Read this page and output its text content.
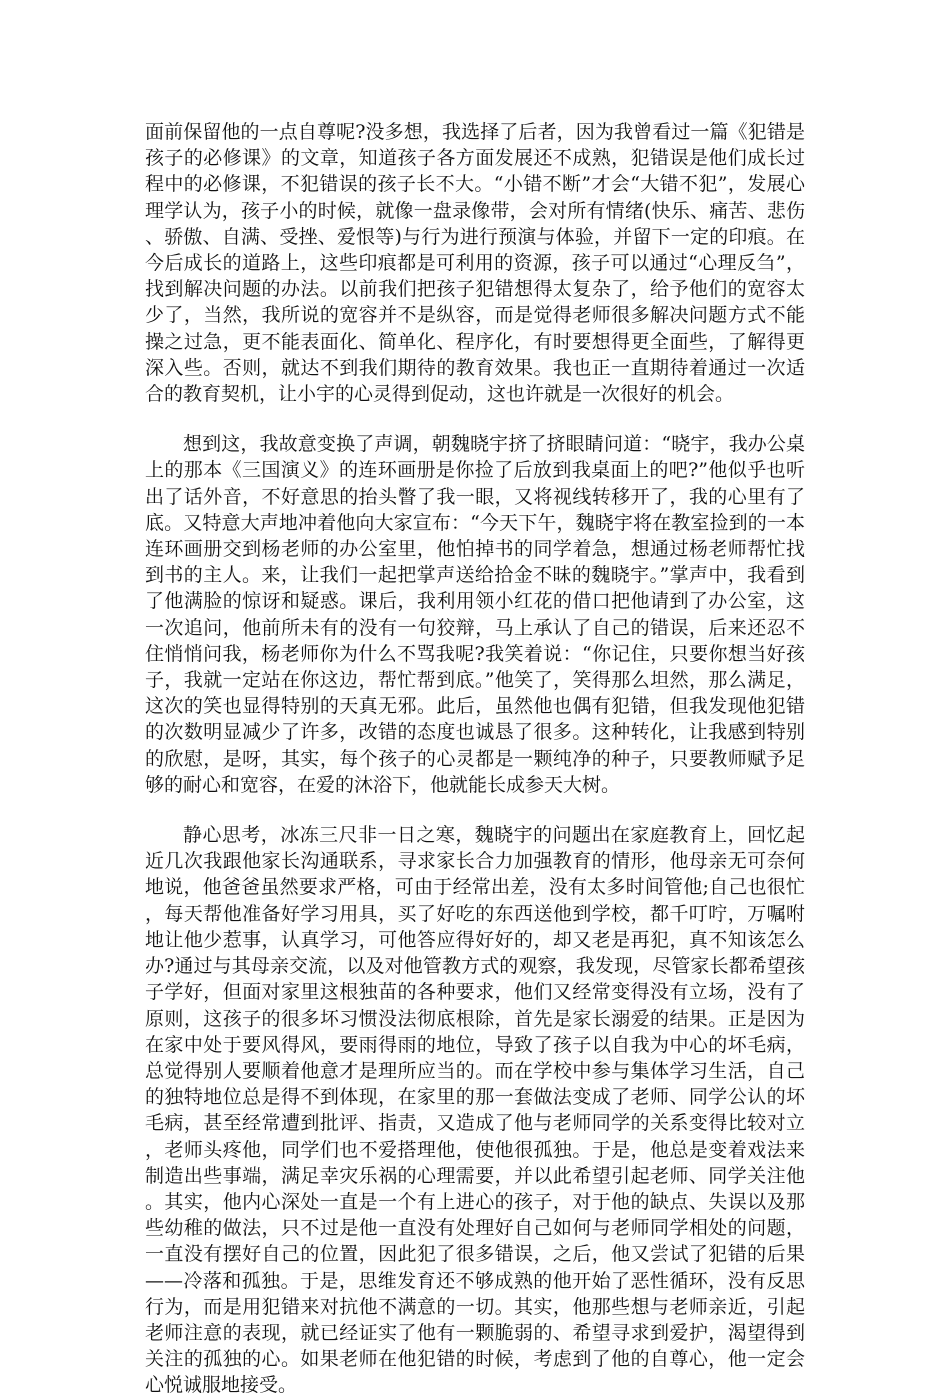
面前保留他的一点自尊呢?没多想，我选择了后者，因为我曾看过一篇《犯错是孩子的必修课》的文章，知道孩子各方面发展还不成熟，犯错误是他们成长过程中的必修课，不犯错误的孩子长不大。“小错不断”才会“大错不犯”，发展心理学认为，孩子小的时候，就像一盘录像带，会对所有情绪(快乐、痛苦、悲伤、骄傲、自满、受挫、爱恨等)与行为进行预演与体验，并留下一定的印痕。在今后成长的道路上，这些印痕都是可利用的资源，孩子可以通过“心理反刍”，找到解决问题的办法。以前我们把孩子犯错想得太复杂了，给予他们的宽容太少了，当然，我所说的宽容并不是纵容，而是觉得老师很多解决问题方式不能操之过急，更不能表面化、简单化、程序化，有时要想得更全面些，了解得更深入些。否则，就达不到我们期待的教育效果。我也正一直期待着通过一次适合的教育契机，让小宇的心灵得到促动，这也许就是一次很好的机会。

想到这，我故意变换了声调，朝魏晓宇挤了挤眼睛问道：“晓宇，我办公桌上的那本《三国演义》的连环画册是你捡了后放到我桌面上的吧?”他似乎也听出了话外音，不好意思的抬头瞥了我一眼，又将视线转移开了，我的心里有了底。又特意大声地冲着他向大家宣布：“今天下午，魏晓宇将在教室捡到的一本连环画册交到杨老师的办公室里，他怕掉书的同学着急，想通过杨老师帮忙找到书的主人。来，让我们一起把掌声送给拾金不昧的魏晓宇。”掌声中，我看到了他满脸的惊讶和疑惑。课后，我利用领小红花的借口把他请到了办公室，这一次追问，他前所未有的没有一句狡辩，马上承认了自己的错误，后来还忍不住悄悄问我，杨老师你为什么不骂我呢?我笑着说：“你记住，只要你想当好孩子，我就一定站在你这边，帮忙帮到底。”他笑了，笑得那么坦然，那么满足，这次的笑也显得特别的天真无邪。此后，虽然他也偶有犯错，但我发现他犯错的次数明显减少了许多，改错的态度也诚恳了很多。这种转化，让我感到特别的欣慰，是呀，其实，每个孩子的心灵都是一颗纯净的种子，只要教师赋予足够的耐心和宽容，在爱的沐浴下，他就能长成参天大树。

静心思考，冰冻三尺非一日之寒，魏晓宇的问题出在家庭教育上，回忆起近几次我跟他家长沟通联系，寻求家长合力加强教育的情形，他母亲无可奈何地说，他爸爸虽然要求严格，可由于经常出差，没有太多时间管他;自己也很忙，每天帮他准备好学习用具，买了好吃的东西送他到学校，都千叮咛，万嘱咐地让他少惹事，认真学习，可他答应得好好的，却又老是再犯，真不知该怎么办?通过与其母亲交流，以及对他管教方式的观察，我发现，尽管家长都希望孩子学好，但面对家里这根独苗的各种要求，他们又经常变得没有立场，没有了原则，这孩子的很多坏习惯没法彻底根除，首先是家长溺爱的结果。正是因为在家中处于要风得风，要雨得雨的地位，导致了孩子以自我为中心的坏毛病，总觉得别人要顺着他意才是理所应当的。而在学校中参与集体学习生活，自己的独特地位总是得不到体现，在家里的那一套做法变成了老师、同学公认的坏毛病，甚至经常遭到批评、指责，又造成了他与老师同学的关系变得比较对立，老师头疼他，同学们也不爱搭理他，使他很孤独。于是，他总是变着戏法来制造出些事端，满足幸灾乐祸的心理需要，并以此希望引起老师、同学关注他。其实，他内心深处一直是一个有上进心的孩子，对于他的缺点、失误以及那些幼稚的做法，只不过是他一直没有处理好自己如何与老师同学相处的问题，一直没有摆好自己的位置，因此犯了很多错误，之后，他又尝试了犯错的后果——冷落和孤独。于是，思维发育还不够成熟的他开始了恶性循环，没有反思行为，而是用犯错来对抗他不满意的一切。其实，他那些想与老师亲近，引起老师注意的表现，就已经证实了他有一颗脆弱的、希望寻求到爱护，渴望得到关注的孤独的心。如果老师在他犯错的时候，考虑到了他的自尊心，他一定会心悦诚服地接受。
